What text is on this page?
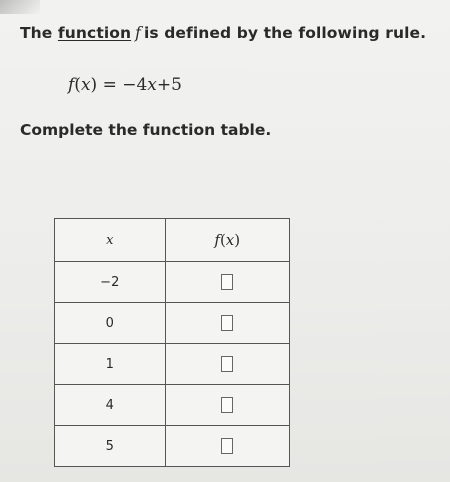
The function f is defined by the following rule.
f(x) = −4x+5
Complete the function table.
x	f(x)
−2	
0	
1	
4	
5	
